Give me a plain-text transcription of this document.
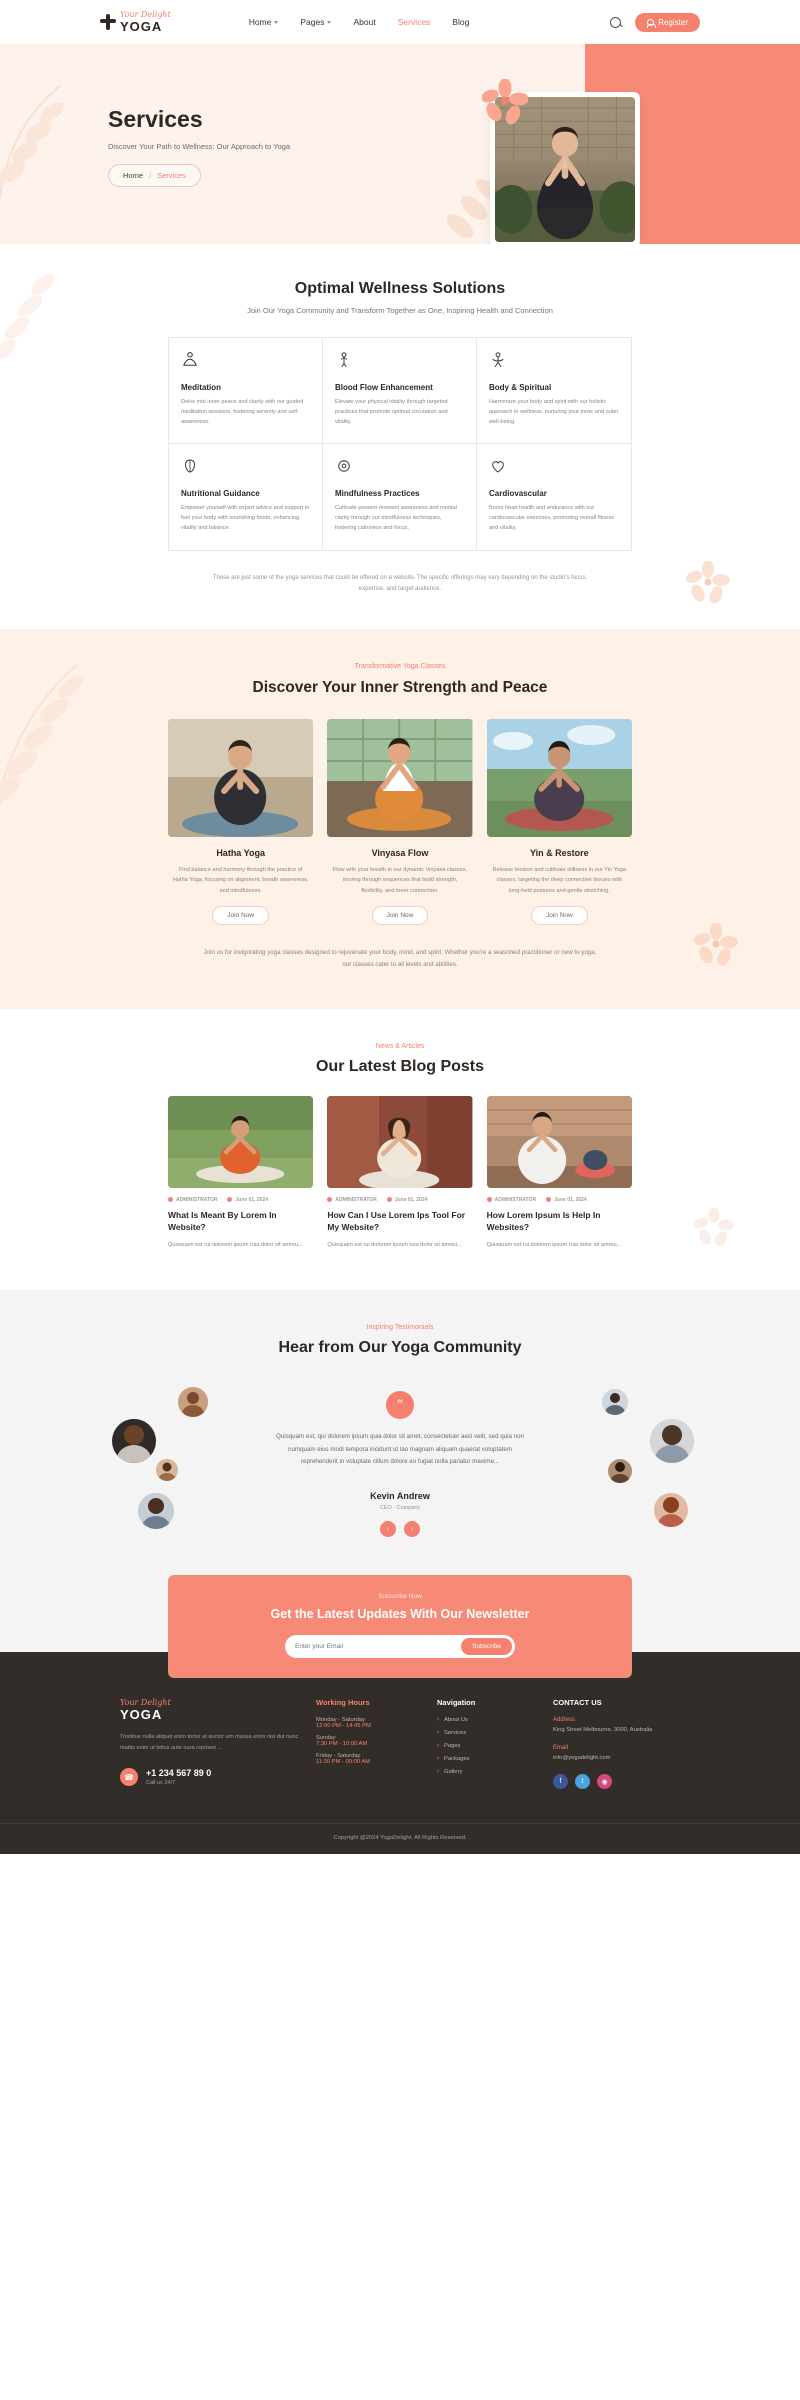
Your Delight
YOGA	Home	Pages	About	Services	Blog	Register
Services
Discover Your Path to Wellness: Our Approach to Yoga
Home / Services
Optimal Wellness Solutions
Join Our Yoga Community and Transform Together as One, Inspiring Health and Connection
Meditation
Delve into inner peace and clarity with our guided meditation sessions, fostering serenity and self-awareness.
Blood Flow Enhancement
Elevate your physical vitality through targeted practices that promote optimal circulation and vitality.
Body & Spiritual
Harmonize your body and spirit with our holistic approach to wellness, nurturing your inner and outer well-being.
Nutritional Guidance
Empower yourself with expert advice and support to fuel your body with nourishing foods, enhancing vitality and balance.
Mindfulness Practices
Cultivate present-moment awareness and mental clarity through our mindfulness techniques, fostering calmness and focus.
Cardiovascular
Boost heart health and endurance with our cardiovascular exercises, promoting overall fitness and vitality.
These are just some of the yoga services that could be offered on a website. The specific offerings may vary depending on the studio's focus, expertise, and target audience.
Transformative Yoga Classes
Discover Your Inner Strength and Peace
Hatha Yoga
Find balance and harmony through the practice of Hatha Yoga, focusing on alignment, breath awareness, and mindfulness.
Join Now
Vinyasa Flow
Flow with your breath in our dynamic Vinyasa classes, moving through sequences that build strength, flexibility, and inner connection.
Join Now
Yin & Restore
Release tension and cultivate stillness in our Yin Yoga classes, targeting the deep connective tissues with long-held postures and gentle stretching.
Join Now
Join us for invigorating yoga classes designed to rejuvenate your body, mind, and spirit. Whether you're a seasoned practitioner or new to yoga, our classes cater to all levels and abilities.
News & Articles
Our Latest Blog Posts
ADMINISTRATOR	June 01, 2024
What Is Meant By Lorem In Website?
Quisquam est rui dolorem ipsum ruia dolor sit amreu...
ADMINISTRATOR	June 01, 2024
How Can I Use Lorem Ips Tool For My Website?
Quisquam est rui dolorem ipsum ruia dolor sit amreu...
ADMINISTRATOR	June 01, 2024
How Lorem Ipsum Is Help In Websites?
Quisquam est rui dolorem ipsum ruia dolor sit amreu...
Inspiring Testimonials
Hear from Our Yoga Community
”
Quisquam est, qui dolorem ipsum quia dolor sit amet, consectetuer aeci velit, sed quia non numquam eius modi tempora incidunt ut lao magnam aliquam quaerat voluptatem reprehenderit in voluptate cillum dolore eu fugiat nulla pariatur maxime...
Kevin Andrew
CEO - Company
‹	›
Subscribe Now
Get the Latest Updates With Our Newsletter
Enter your Email
Subscribe
Your Delight
YOGA
Tristiitue nulla aliquet enim tortor at auctor urn massa enim nisi dut nunc mattis enim ut tellus aute nura reprisen ...
☎	+1 234 567 89 0
Call us 24/7
Working Hours
Monday - Saturday
12:00 PM - 14:45 PM
Sunday
7:30 PM - 10:00 AM
Friday - Saturday
11:30 PM - 00:00 AM
Navigation
› About Us
› Services
› Pages
› Packages
› Gallery
CONTACT US
Address
King Street Melbourne, 3000, Australia
Email
info@yogadelight.com
f	t	◉
Copyright @2024 YogaDelight. All Rights Reserved.
